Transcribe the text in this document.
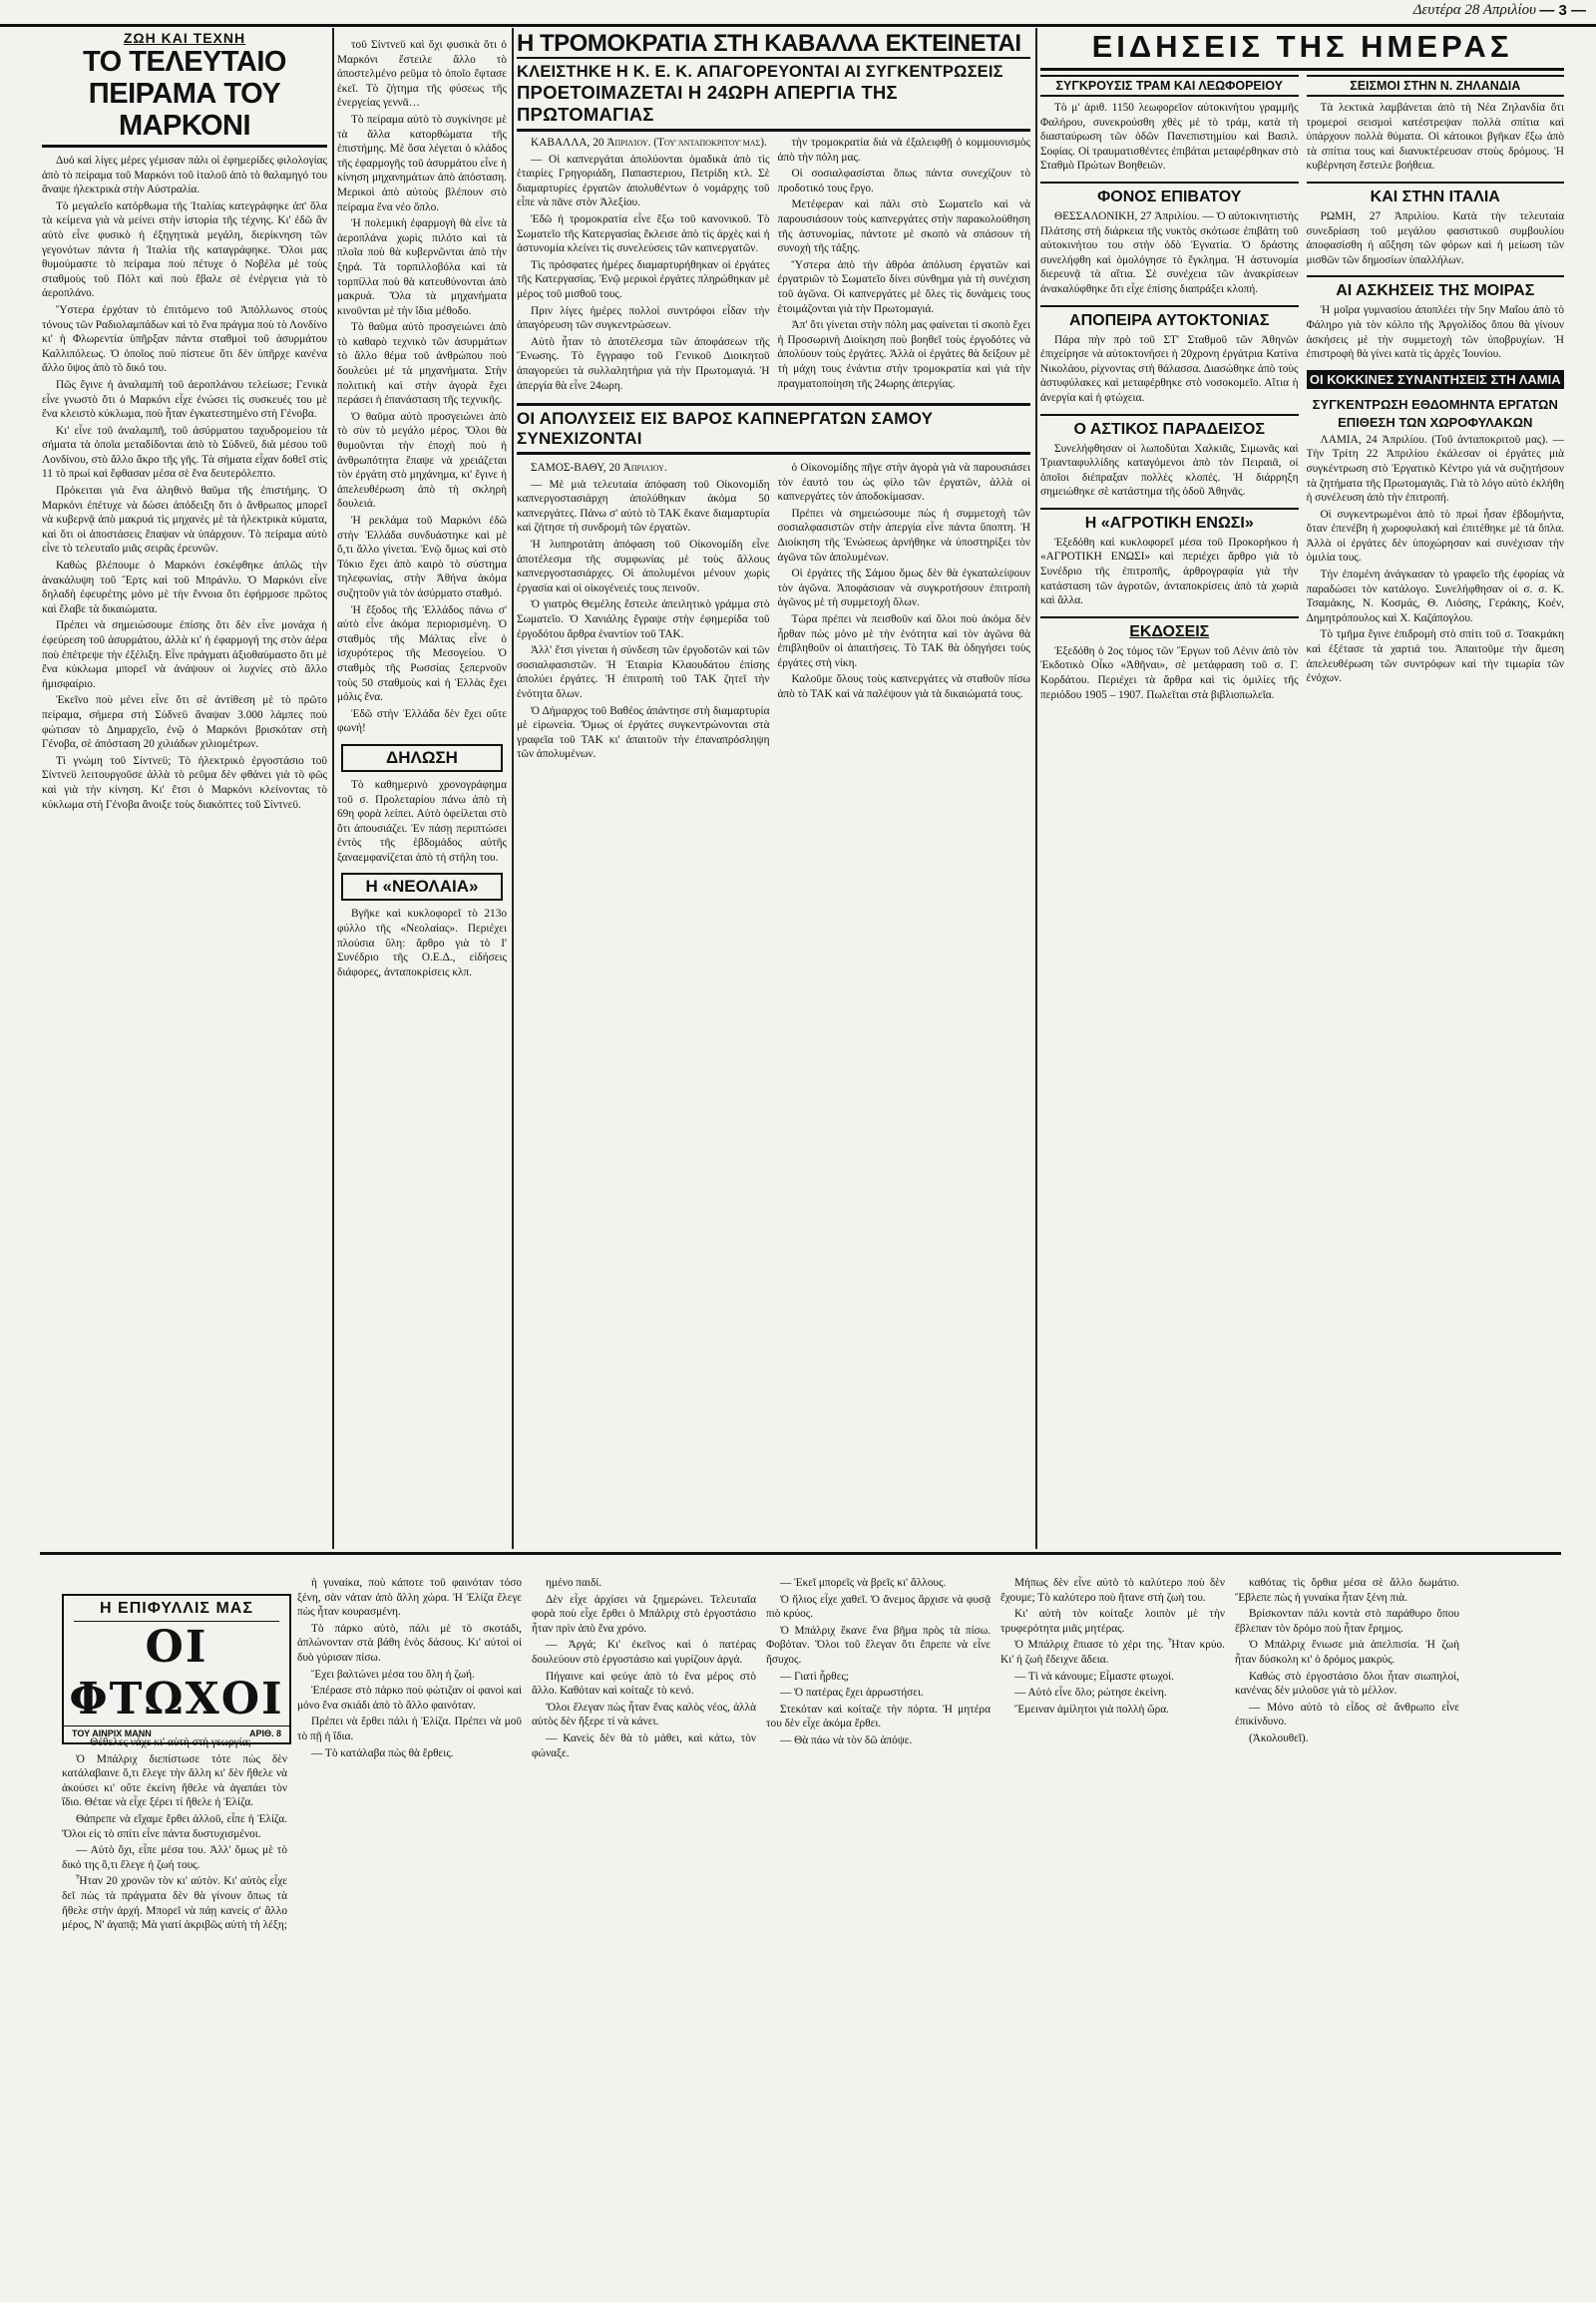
Δευτέρα 28 Απριλίου — 3 —
ΖΩΗ ΚΑΙ ΤΕΧΝΗ
ΤΟ ΤΕΛΕΥΤΑΙΟ ΠΕΙΡΑΜΑ ΤΟΥ ΜΑΡΚΟΝΙ

Δυό καὶ λίγες μέρες γέμισαν πάλι οἱ ἐφημερίδες φιλολογίας ἀπὸ τὸ πείραμα τοῦ Μαρκόνι τοῦ ἰταλοῦ ἀπὸ τὸ θαλαμηγό του ἄναψε ἠλεκτρικὰ στὴν Αὐστραλία.

Τὸ μεγαλεῖο κατόρθωμα τῆς Ἰταλίας κατεγράφηκε ἀπ' ὅλα τὰ κείμενα γιὰ νὰ μείνει στὴν ἱστορία τῆς τέχνης. Κι' ἐδῶ ἂν αὐτὸ εἶνε φυσικὸ ἡ ἐξηγητικὰ μεγάλη, διερίκνηση τῶν γεγονότων πάντα ἡ Ἰταλία τῆς καταγράφηκε. Ὅλοι μας θυμούμαστε τὸ πείραμα ποὺ πέτυχε ὁ Νοβέλα μὲ τοὺς σταθμοὺς τοῦ Πόλτ καὶ ποὺ ἔβαλε σὲ ἐνέργεια γιὰ τὸ ἀεροπλάνο.

Ὕστερα ἐρχόταν τὸ ἐπιτόμενο τοῦ Ἀπόλλωνος στοὺς τόνους τῶν Ραδιολαμπάδων καὶ τὸ ἕνα πράγμα ποὺ τὸ Λονδίνο κι' ἡ Φλωρεντία ὑπῆρξαν πάντα σταθμοὶ τοῦ ἀσυρμάτου Καλλιπόλεως. Ὁ ὁποῖος ποὺ πίστευε ὅτι δὲν ὑπῆρχε κανένα ἄλλο ὕψος ἀπὸ τὸ δικό του.

Πῶς ἔγινε ἡ ἀναλαμπὴ τοῦ ἀεροπλάνου τελείωσε; Γενικὰ εἶνε γνωστὸ ὅτι ὁ Μαρκόνι εἶχε ἐνώσει τὶς συσκευές του μὲ ἕνα κλειστὸ κύκλωμα, ποὺ ἦταν ἐγκατεστημένο στὴ Γένοβα.

Κι' εἶνε τοῦ ἀναλαμπῆ, τοῦ ἀσύρματου ταχυδρομείου τὰ σήματα τὰ ὁποῖα μεταδίδονται ἀπὸ τὸ Σύδνεϋ, διὰ μέσου τοῦ Λονδίνου, στὸ ἄλλο ἄκρο τῆς γῆς. Τὰ σήματα εἶχαν δοθεῖ στὶς 11 τὸ πρωί καὶ ἔφθασαν μέσα σὲ ἕνα δευτερόλεπτο.

Πρόκειται γιὰ ἕνα ἀληθινὸ θαῦμα τῆς ἐπιστήμης. Ὁ Μαρκόνι ἐπέτυχε νὰ δώσει ἀπόδειξη ὅτι ὁ ἄνθρωπος μπορεῖ νὰ κυβερνᾷ ἀπὸ μακρυά τὶς μηχανὲς μὲ τὰ ἡλεκτρικὰ κύματα, καὶ ὅτι οἱ ἀποστάσεις ἔπαψαν νὰ ὑπάρχουν. Τὸ πείραμα αὐτὸ εἶνε τὸ τελευταῖο μιᾶς σειρᾶς ἐρευνῶν.

Καθὼς βλέπουμε ὁ Μαρκόνι ἐσκέφθηκε ἁπλῶς τὴν ἀνακάλυψη τοῦ Ἕρτς καὶ τοῦ Μπράνλυ. Ὁ Μαρκόνι εἶνε δηλαδὴ ἐφευρέτης μόνο μὲ τὴν ἔννοια ὅτι ἐφήρμοσε πρῶτος καὶ ἔλαβε τὰ δικαιώματα.

Πρέπει νὰ σημειώσουμε ἐπίσης ὅτι δὲν εἶνε μονάχα ἡ ἐφεύρεση τοῦ ἀσυρμάτου, ἀλλὰ κι' ἡ ἐφαρμογή της στὸν ἀέρα ποὺ ἐπέτρεψε τὴν ἐξέλιξη. Εἶνε πράγματι ἀξιοθαύμαστο ὅτι μὲ ἕνα κύκλωμα μπορεῖ νὰ ἀνάψουν οἱ λυχνίες στὸ ἄλλο ἡμισφαίριο.

Ἐκεῖνο ποὺ μένει εἶνε ὅτι σὲ ἀντίθεση μὲ τὸ πρῶτο πείραμα, σήμερα στὴ Σύδνεϋ ἄναψαν 3.000 λάμπες ποὺ φώτισαν τὸ Δημαρχεῖο, ἐνῷ ὁ Μαρκόνι βρισκόταν στὴ Γένοβα, σὲ ἀπόσταση 20 χιλιάδων χιλιομέτρων.

Τὶ γνώμη τοῦ Σίντνεϋ; Τὸ ἠλεκτρικὸ ἐργοστάσιο τοῦ Σίντνεϋ λειτουργοῦσε ἀλλὰ τὸ ρεῦμα δὲν φθάνει γιὰ τὸ φῶς καὶ γιὰ τὴν κίνηση. Κι' ἔτσι ὁ Μαρκόνι κλείνοντας τὸ κύκλωμα στὴ Γένοβα ἄνοιξε τοὺς διακόπτες τοῦ Σίντνεϋ.

τοῦ Σίντνεϋ καὶ ὄχι φυσικὰ ὅτι ὁ Μαρκόνι ἔστειλε ἄλλο τὸ ἀποστελμένο ρεῦμα τὸ ὁποῖο ἔφτασε ἐκεῖ. Τὸ ζήτημα τῆς φύσεως τῆς ἐνεργείας γεννᾶ…

Τὸ πείραμα αὐτὸ τὸ συγκίνησε μὲ τὰ ἄλλα κατορθώματα τῆς ἐπιστήμης. Μὲ ὅσα λέγεται ὁ κλάδος τῆς ἐφαρμογῆς τοῦ ἀσυρμάτου εἶνε ἡ κίνηση μηχανημάτων ἀπὸ ἀπόσταση. Μερικοὶ ἀπὸ αὐτοὺς βλέπουν στὸ πείραμα ἕνα νέο ὅπλο.

Ἡ πολεμικὴ ἐφαρμογὴ θὰ εἶνε τὰ ἀεροπλάνα χωρὶς πιλότο καὶ τὰ πλοῖα ποὺ θὰ κυβερνῶνται ἀπὸ τὴν ξηρά. Τὰ τορπιλλοβόλα καὶ τὰ τορπίλλα ποὺ θὰ κατευθύνονται ἀπὸ μακρυά. Ὅλα τὰ μηχανήματα κινοῦνται μὲ τὴν ἴδια μέθοδο.

Τὸ θαῦμα αὐτὸ προσγειώνει ἀπὸ τὸ καθαρὸ τεχνικὸ τῶν ἀσυρμάτων τὸ ἄλλο θέμα τοῦ ἀνθρώπου ποὺ δουλεύει μὲ τὰ μηχανήματα. Στὴν πολιτικὴ καὶ στὴν ἀγορὰ ἔχει περάσει ἡ ἐπανάσταση τῆς τεχνικῆς.

Ὁ θαῦμα αὐτὸ προσγειώνει ἀπὸ τὸ σὺν τὸ μεγάλο μέρος. Ὅλοι θὰ θυμοῦνται τὴν ἐποχὴ ποὺ ἡ ἀνθρωπότητα ἔπαψε νὰ χρειάζεται τὸν ἐργάτη στὸ μηχάνημα, κι' ἔγινε ἡ ἀπελευθέρωση ἀπὸ τὴ σκληρὴ δουλειά.

Ἡ ρεκλάμα τοῦ Μαρκόνι ἐδῶ στὴν Ἑλλάδα συνδυάστηκε καὶ μὲ ὅ,τι ἄλλο γίνεται. Ἐνῷ ὅμως καὶ στὸ Τόκιο ἔχει ἀπὸ καιρὸ τὸ σύστημα τηλεφωνίας, στὴν Ἀθήνα ἀκόμα συζητοῦν γιὰ τὸν ἀσύρματο σταθμό.

Ἡ ἔξοδος τῆς Ἑλλάδος πάνω σ' αὐτὸ εἶνε ἀκόμα περιορισμένη. Ὁ σταθμὸς τῆς Μάλτας εἶνε ὁ ἰσχυρότερος τῆς Μεσογείου. Ὁ σταθμὸς τῆς Ρωσσίας ξεπερνοῦν τοὺς 50 σταθμοὺς καὶ ἡ Ἑλλὰς ἔχει μόλις ἕνα.

Ἐδῶ στὴν Ἑλλάδα δὲν ἔχει οὔτε φωνή!

ΔΗΛΩΣΗ

Τὸ καθημερινὸ χρονογράφημα τοῦ σ. Προλεταρίου πάνω ἀπὸ τὴ 69η φορὰ λείπει. Αὐτὸ ὀφείλεται στὸ ὅτι ἀπουσιάζει. Ἐν πάσῃ περιπτώσει ἐντὸς τῆς ἑβδομάδος αὐτῆς ξαναεμφανίζεται ἀπὸ τὴ στήλη του.

Η «ΝΕΟΛΑΙΑ»

Βγῆκε καὶ κυκλοφορεῖ τὸ 213ο φύλλο τῆς «Νεολαίας». Περιέχει πλούσια ὕλη: ἄρθρο γιὰ τὸ Ι' Συνέδριο τῆς Ο.Ε.Δ., εἰδήσεις διάφορες, ἀνταποκρίσεις κλπ.

Η ΤΡΟΜΟΚΡΑΤΙΑ ΣΤΗ ΚΑΒΑΛΛΑ ΕΚΤΕΙΝΕΤΑΙ
ΚΛΕΙΣΤΗΚΕ Η Κ. Ε. Κ. ΑΠΑΓΟΡΕΥΟΝΤΑΙ ΑΙ ΣΥΓΚΕΝΤΡΩΣΕΙΣ
ΠΡΟΕΤΟΙΜΑΖΕΤΑΙ Η 24ΩΡΗ ΑΠΕΡΓΙΑ ΤΗΣ ΠΡΩΤΟΜΑΓΙΑΣ

ΚΑΒΑΛΛΑ, 20 Ἀπριλίου. (Τοῦ ἀνταποκριτοῦ μας).

— Οἱ καπνεργάται ἀπολύονται ὁμαδικὰ ἀπὸ τὶς ἑταιρίες Γρηγοριάδη, Παπαστεριου, Πετρίδη κτλ. Σὲ διαμαρτυρίες ἐργατῶν ἀπολυθέντων ὁ νομάρχης τοῦ εἶπε νὰ πᾶνε στὸν Ἀλεξίου.

Ἐδῶ ἡ τρομοκρατία εἶνε ἔξω τοῦ κανονικοῦ. Τὸ Σωματεῖο τῆς Κατεργασίας ἔκλεισε ἀπὸ τὶς ἀρχὲς καὶ ἡ ἀστυνομία κλείνει τὶς συνελεύσεις τῶν καπνεργατῶν.

Τὶς πρόσφατες ἡμέρες διαμαρτυρήθηκαν οἱ ἐργάτες τῆς Κατεργασίας. Ἐνῷ μερικοὶ ἐργάτες πληρώθηκαν μὲ μέρος τοῦ μισθοῦ τους.

Πριν λίγες ἡμέρες πολλοὶ συντρόφοι εἶδαν τὴν ἀπαγόρευση τῶν συγκεντρώσεων.

Αὐτὸ ἦταν τὸ ἀποτέλεσμα τῶν ἀποφάσεων τῆς Ἕνωσης. Τὸ ἔγγραφο τοῦ Γενικοῦ Διοικητοῦ ἀπαγορεύει τὰ συλλαλητήρια γιὰ τὴν Πρωτομαγιά. Ἡ ἀπεργία θὰ εἶνε 24ωρη.

τὴν τρομοκρατία διὰ νὰ ἐξαλειφθῇ ὁ κομμουνισμὸς ἀπὸ τὴν πόλη μας.

Οἱ σοσιαλφασίσται ὅπως πάντα συνεχίζουν τὸ προδοτικό τους ἔργο.

Μετέφεραν καὶ πάλι στὸ Σωματεῖο καὶ νὰ παρουσιάσουν τοὺς καπνεργάτες στὴν παρακολούθηση τῆς ἀστυνομίας, πάντοτε μὲ σκοπὸ νὰ σπάσουν τὴ συνοχὴ τῆς τάξης.

Ὕστερα ἀπὸ τὴν ἀθρόα ἀπόλυση ἐργατῶν καὶ ἐργατριῶν τὸ Σωματεῖο δίνει σύνθημα γιὰ τὴ συνέχιση τοῦ ἀγῶνα. Οἱ καπνεργάτες μὲ ὅλες τὶς δυνάμεις τους ἑτοιμάζονται γιὰ τὴν Πρωτομαγιά.

Ἀπ' ὅτι γίνεται στὴν πόλη μας φαίνεται τὶ σκοπὸ ἔχει ἡ Προσωρινὴ Διοίκηση ποὺ βοηθεῖ τοὺς ἐργοδότες νὰ ἀπολύουν τοὺς ἐργάτες. Ἀλλὰ οἱ ἐργάτες θὰ δείξουν μὲ τὴ μάχη τους ἐνάντια στὴν τρομοκρατία καὶ γιὰ τὴν πραγματοποίηση τῆς 24ωρης ἀπεργίας.

ΟΙ ΑΠΟΛΥΣΕΙΣ ΕΙΣ ΒΑΡΟΣ ΚΑΠΝΕΡΓΑΤΩΝ ΣΑΜΟΥ ΣΥΝΕΧΙΖΟΝΤΑΙ

ΣΑΜΟΣ-ΒΑΘΥ, 20 Ἀπριλίου.

— Μὲ μιὰ τελευταία ἀπόφαση τοῦ Οἰκονομίδη καπνεργοστασιάρχη ἀπολύθηκαν ἀκόμα 50 καπνεργάτες. Πάνω σ' αὐτὸ τὸ ΤΑΚ ἔκανε διαμαρτυρία καὶ ζήτησε τὴ συνδρομὴ τῶν ἐργατῶν.

Ἡ λυπηροτάτη ἀπόφαση τοῦ Οἰκονομίδη εἶνε ἀποτέλεσμα τῆς συμφωνίας μὲ τοὺς ἄλλους καπνεργοστασιάρχες. Οἱ ἀπολυμένοι μένουν χωρὶς ἐργασία καὶ οἱ οἰκογένειές τους πεινοῦν.

Ὁ γιατρὸς Θεμέλης ἔστειλε ἀπειλητικὸ γράμμα στὸ Σωματεῖο. Ὁ Χανιάλης ἔγραψε στὴν ἐφημερίδα τοῦ ἐργοδότου ἄρθρα ἐναντίον τοῦ ΤΑΚ.

Ἀλλ' ἔτσι γίνεται ἡ σύνδεση τῶν ἐργοδοτῶν καὶ τῶν σοσιαλφασιστῶν. Ἡ Ἑταιρία Κλαουδάτου ἐπίσης ἀπολύει ἐργάτες. Ἡ ἐπιτροπὴ τοῦ ΤΑΚ ζητεῖ τὴν ἐνότητα ὅλων.

Ὁ Δήμαρχος τοῦ Βαθέος ἀπάντησε στὴ διαμαρτυρία μὲ εἰρωνεία. Ὅμως οἱ ἐργάτες συγκεντρώνονται στὰ γραφεῖα τοῦ ΤΑΚ κι' ἀπαιτοῦν τὴν ἐπαναπρόσληψη τῶν ἀπολυμένων.

ὁ Οἰκονομίδης πῆγε στὴν ἀγορὰ γιὰ νὰ παρουσιάσει τὸν ἐαυτό του ὡς φίλο τῶν ἐργατῶν, ἀλλὰ οἱ καπνεργάτες τὸν ἀποδοκίμασαν.

Πρέπει νὰ σημειώσουμε πὼς ἡ συμμετοχὴ τῶν σοσιαλφασιστῶν στὴν ἀπεργία εἶνε πάντα ὕποπτη. Ἡ Διοίκηση τῆς Ἑνώσεως ἀρνήθηκε νὰ ὑποστηρίξει τὸν ἀγῶνα τῶν ἀπολυμένων.

Οἱ ἐργάτες τῆς Σάμου ὅμως δὲν θὰ ἐγκαταλείψουν τὸν ἀγῶνα. Ἀποφάσισαν νὰ συγκροτήσουν ἐπιτροπὴ ἀγῶνος μὲ τὴ συμμετοχὴ ὅλων.

Τώρα πρέπει νὰ πεισθοῦν καὶ ὅλοι ποὺ ἀκόμα δὲν ἦρθαν πὼς μόνο μὲ τὴν ἑνότητα καὶ τὸν ἀγῶνα θὰ ἐπιβληθοῦν οἱ ἀπαιτήσεις. Τὸ ΤΑΚ θὰ ὁδηγήσει τοὺς ἐργάτες στὴ νίκη.

Καλοῦμε ὅλους τοὺς καπνεργάτες νὰ σταθοῦν πίσω ἀπὸ τὸ ΤΑΚ καὶ νὰ παλέψουν γιὰ τὰ δικαιώματά τους.

ΕΙΔΗΣΕΙΣ ΤΗΣ ΗΜΕΡΑΣ
ΣΥΓΚΡΟΥΣΙΣ ΤΡΑΜ ΚΑΙ ΛΕΩΦΟΡΕΙΟΥ

Τὸ μ' ἀριθ. 1150 λεωφορεῖον αὐτοκινήτου γραμμῆς Φαλήρου, συνεκρούσθη χθὲς μὲ τὸ τράμ, κατὰ τὴ διασταύρωση τῶν ὁδῶν Πανεπιστημίου καὶ Βασιλ. Σοφίας. Οἱ τραυματισθέντες ἐπιβάται μεταφέρθηκαν στὸ Σταθμὸ Πρώτων Βοηθειῶν.

ΦΟΝΟΣ ΕΠΙΒΑΤΟΥ

ΘΕΣΣΑΛΟΝΙΚΗ, 27 Ἀπριλίου. — Ὁ αὐτοκινητιστὴς Πλάτσης στὴ διάρκεια τῆς νυκτὸς σκότωσε ἐπιβάτη τοῦ αὐτοκινήτου του στὴν ὁδὸ Ἐγνατία. Ὁ δράστης συνελήφθη καὶ ὁμολόγησε τὸ ἔγκλημα. Ἡ ἀστυνομία διερευνᾷ τὰ αἴτια. Σὲ συνέχεια τῶν ἀνακρίσεων ἀνακαλύφθηκε ὅτι εἶχε ἐπίσης διαπράξει κλοπή.

ΑΠΟΠΕΙΡΑ ΑΥΤΟΚΤΟΝΙΑΣ

Πάρα πὴν πρὸ τοῦ ΣΤ' Σταθμοῦ τῶν Ἀθηνῶν ἐπιχείρησε νὰ αὐτοκτονήσει ἡ 20χρονη ἐργάτρια Κατίνα Νικολάου, ρίχνοντας στὴ θάλασσα. Διασώθηκε ἀπὸ τοὺς ἀστυφύλακες καὶ μεταφέρθηκε στὸ νοσοκομεῖο. Αἴτια ἡ ἀνεργία καὶ ἡ φτώχεια.

Ο ΑΣΤΙΚΟΣ ΠΑΡΑΔΕΙΣΟΣ

Συνελήφθησαν οἱ λωποδύται Χαλκιᾶς, Σιμωνᾶς καὶ Τριανταφυλλίδης καταγόμενοι ἀπὸ τὸν Πειραιᾶ, οἱ ὁποῖοι διέπραξαν πολλὲς κλοπές. Ἡ διάρρηξη σημειώθηκε σὲ κατάστημα τῆς ὁδοῦ Ἀθηνᾶς.

Η «ΑΓΡΟΤΙΚΗ ΕΝΩΣΙ»

Ἐξεδόθη καὶ κυκλοφορεῖ μέσα τοῦ Προκορήκου ἡ «ΑΓΡΟΤΙΚΗ ΕΝΩΣΙ» καὶ περιέχει ἄρθρο γιὰ τὸ Συνέδριο τῆς ἐπιτροπῆς, ἀρθρογραφία γιὰ τὴν κατάσταση τῶν ἀγροτῶν, ἀνταποκρίσεις ἀπὸ τὰ χωριὰ καὶ ἄλλα.

ΕΚΔΟΣΕΙΣ

Ἐξεδόθη ὁ 2ος τόμος τῶν Ἔργων τοῦ Λένιν ἀπὸ τὸν Ἐκδοτικὸ Οἶκο «Ἀθῆναι», σὲ μετάφραση τοῦ σ. Γ. Κορδάτου. Περιέχει τὰ ἄρθρα καὶ τὶς ὁμιλίες τῆς περιόδου 1905 – 1907. Πωλεῖται στὰ βιβλιοπωλεῖα.

ΣΕΙΣΜΟΙ ΣΤΗΝ Ν. ΖΗΛΑΝΔΙΑ

Τὰ λεκτικὰ λαμβάνεται ἀπὸ τὴ Νέα Ζηλανδία ὅτι τρομεροὶ σεισμοὶ κατέστρεψαν πολλὰ σπίτια καὶ ὑπάρχουν πολλὰ θύματα. Οἱ κάτοικοι βγῆκαν ἔξω ἀπὸ τὰ σπίτια τους καὶ διανυκτέρευσαν στοὺς δρόμους. Ἡ κυβέρνηση ἔστειλε βοήθεια.

ΚΑΙ ΣΤΗΝ ΙΤΑΛΙΑ

ΡΩΜΗ, 27 Ἀπριλίου. Κατὰ τὴν τελευταία συνεδρίαση τοῦ μεγάλου φασιστικοῦ συμβουλίου ἀποφασίσθη ἡ αὔξηση τῶν φόρων καὶ ἡ μείωση τῶν μισθῶν τῶν δημοσίων ὑπαλλήλων.

ΑΙ ΑΣΚΗΣΕΙΣ ΤΗΣ ΜΟΙΡΑΣ

Ἡ μοῖρα γυμνασίου ἀποπλέει τὴν 5ην Μαΐου ἀπὸ τὸ Φάληρο γιὰ τὸν κόλπο τῆς Ἀργολίδος ὅπου θὰ γίνουν ἀσκήσεις μὲ τὴν συμμετοχὴ τῶν ὑποβρυχίων. Ἡ ἐπιστροφὴ θὰ γίνει κατὰ τὶς ἀρχὲς Ἰουνίου.

ΟΙ ΚΟΚΚΙΝΕΣ ΣΥΝΑΝΤΗΣΕΙΣ ΣΤΗ ΛΑΜΙΑ
ΣΥΓΚΕΝΤΡΩΣΗ ΕΘΔΟΜΗΝΤΑ ΕΡΓΑΤΩΝ
ΕΠΙΘΕΣΗ ΤΩΝ ΧΩΡΟΦΥΛΑΚΩΝ

ΛΑΜΙΑ, 24 Ἀπριλίου. (Τοῦ ἀνταποκριτοῦ μας). — Τὴν Τρίτη 22 Ἀπριλίου ἐκάλεσαν οἱ ἐργάτες μιὰ συγκέντρωση στὸ Ἐργατικὸ Κέντρο γιὰ νὰ συζητήσουν τὰ ζητήματα τῆς Πρωτομαγιᾶς. Γιὰ τὸ λόγο αὐτὸ ἐκλήθη ἡ συνέλευση ἀπὸ τὴν ἐπιτροπή.

Οἱ συγκεντρωμένοι ἀπὸ τὸ πρωί ἦσαν ἑβδομήντα, ὅταν ἐπενέβη ἡ χωροφυλακή καὶ ἐπιτέθηκε μὲ τὰ ὅπλα. Ἀλλὰ οἱ ἐργάτες δὲν ὑποχώρησαν καὶ συνέχισαν τὴν ὁμιλία τους.

Τὴν ἐπομένη ἀνάγκασαν τὸ γραφεῖο τῆς ἐφορίας νὰ παραδώσει τὸν κατάλογο. Συνελήφθησαν οἱ σ. σ. Κ. Τσαμάκης, Ν. Κοσμάς, Θ. Λιόσης, Γεράκης, Κοέν, Δημητρόπουλος καὶ Χ. Καζάπογλου.

Τὸ τμῆμα ἔγινε ἐπιδρομὴ στὸ σπίτι τοῦ σ. Τσακμάκη καὶ ἐξέτασε τὰ χαρτιά του. Ἀπαιτοῦμε τὴν ἄμεση ἀπελευθέρωση τῶν συντρόφων καὶ τὴν τιμωρία τῶν ἐνόχων.

Η ΕΠΙΦΥΛΛΙΣ ΜΑΣ
ΟΙ ΦΤΩΧΟΙ
ΤΟΥ ΑΙΝΡΙΧ ΜΑΝΝ	ΑΡΙΘ. 8

— Θέθελες νἆχε κι' αὐτὴ στὴ γεωργία;

Ὁ Μπάλριχ διεπίστωσε τότε πὼς δὲν κατάλαβαινε ὅ,τι ἔλεγε τὴν ἄλλη κι' δὲν ἤθελε νὰ ἀκούσει κι' οὔτε ἐκείνη ἤθελε νὰ ἀγαπάει τὸν ἴδιο. Θέταε νὰ εἶχε ξέρει τί ἤθελε ἡ Ἐλίζα.

Θάπρεπε νὰ εἴχαμε ἔρθει ἀλλοῦ, εἶπε ἡ Ἐλίζα. Ὅλοι εἰς τὸ σπίτι εἶνε πάντα δυστυχισμένοι.

— Αὐτὸ ὄχι, εἶπε μέσα του. Ἀλλ' ὅμως μὲ τὸ δικό της ὅ,τι ἔλεγε ἡ ζωή τους.

Ἦταν 20 χρονῶν τὸν κι' αὐτὸν. Κι' αὐτὸς εἶχε δεῖ πὼς τὰ πράγματα δὲν θὰ γίνουν ὅπως τὰ ἤθελε στὴν ἀρχή. Μπορεῖ νὰ πάῃ κανεὶς σ' ἄλλο μέρος, Ν' ἀγαπᾷ; Μὰ γιατί ἀκριβῶς αὐτὴ τὴ λέξη;

ἡ γυναίκα, ποὺ κάποτε τοῦ φαινόταν τόσο ξένη, σὰν νάταν ἀπὸ ἄλλη χώρα. Ἡ Ἐλίζα ἔλεγε πὼς ἦταν κουρασμένη.

Τὸ πάρκο αὐτὸ, πάλι μὲ τὸ σκοτάδι, ἀπλώνονταν στὰ βάθη ἑνὸς δάσους. Κι' αὐτοὶ οἱ δυὸ γύρισαν πίσω.

Ἔχει βαλτώνει μέσα του ὅλη ἡ ζωή.

Ἐπέρασε στὸ πάρκο ποὺ φώτιζαν οἱ φανοὶ καὶ μόνο ἕνα σκιάδι ἀπὸ τὸ ἄλλο φαινόταν.

Πρέπει νὰ ἔρθει πάλι ἡ Ἐλίζα. Πρέπει νὰ μοῦ τὸ πῇ ἡ ἴδια.

— Τὸ κατάλαβα πὼς θὰ ἔρθεις.

ημένο παιδί.

Δὲν εἶχε ἀρχίσει νὰ ξημερώνει. Τελευταῖα φορὰ ποὺ εἶχε ἔρθει ὁ Μπάλριχ στὸ ἐργοστάσιο ἦταν πρὶν ἀπὸ ἕνα χρόνο.

— Ἀργά; Κι' ἐκεῖνος καὶ ὁ πατέρας δουλεύουν στὸ ἐργοστάσιο καὶ γυρίζουν ἀργά.

Πήγαινε καὶ φεύγε ἀπὸ τὸ ἕνα μέρος στὸ ἄλλο. Καθόταν καὶ κοίταζε τὸ κενό.

Ὅλοι ἔλεγαν πὼς ἦταν ἕνας καλὸς νέος, ἀλλὰ αὐτὸς δὲν ἤξερε τί νὰ κάνει.

— Κανεὶς δὲν θὰ τὸ μάθει, καὶ κάτω, τὸν φώναξε.

— Ἐκεῖ μπορεῖς νὰ βρεῖς κι' ἄλλους.

Ὁ ἥλιος εἶχε χαθεῖ. Ὁ ἄνεμος ἄρχισε νὰ φυσᾷ πιὸ κρύος.

Ὁ Μπάλριχ ἔκανε ἕνα βῆμα πρὸς τὰ πίσω. Φοβόταν. Ὅλοι τοῦ ἔλεγαν ὅτι ἔπρεπε νὰ εἶνε ἤσυχος.

— Γιατὶ ἦρθες;

— Ὁ πατέρας ἔχει ἀρρωστήσει.

Στεκόταν καὶ κοίταζε τὴν πόρτα. Ἡ μητέρα του δὲν εἶχε ἀκόμα ἔρθει.

— Θὰ πάω νὰ τὸν δῶ ἀπόψε.

Μήπως δὲν εἶνε αὐτὸ τὸ καλύτερο ποὺ δὲν ἔχουμε; Τὸ καλύτερο ποὺ ἤτανε στὴ ζωὴ του.

Κι' αὐτὴ τὸν κοίταξε λοιπὸν μὲ τὴν τρυφερότητα μιᾶς μητέρας.

Ὁ Μπάλριχ ἔπιασε τὸ χέρι της. Ἦταν κρύο. Κι' ἡ ζωὴ ἔδειχνε ἄδεια.

— Τὶ νὰ κάνουμε; Εἶμαστε φτωχοί.

— Αὐτὸ εἶνε ὅλο; ρώτησε ἐκείνη.

Ἔμειναν ἀμίλητοι γιὰ πολλὴ ὥρα.

καθότας τὶς ὄρθια μέσα σὲ ἄλλο δωμάτιο. Ἔβλεπε πὼς ἡ γυναίκα ἦταν ξένη πιὰ.

Βρίσκονταν πάλι κοντὰ στὸ παράθυρο ὅπου ἔβλεπαν τὸν δρόμο ποὺ ἦταν ἔρημος.

Ὁ Μπάλριχ ἔνιωσε μιὰ ἀπελπισία. Ἡ ζωὴ ἦταν δύσκολη κι' ὁ δρόμος μακρύς.

Καθώς στὸ ἐργοστάσιο ὅλοι ἦταν σιωπηλοί, κανένας δὲν μιλοῦσε γιὰ τὸ μέλλον.

— Μόνο αὐτὸ τὸ εἶδος σὲ ἄνθρωπο εἶνε ἐπικίνδυνο.

(Ἀκολουθεῖ).
